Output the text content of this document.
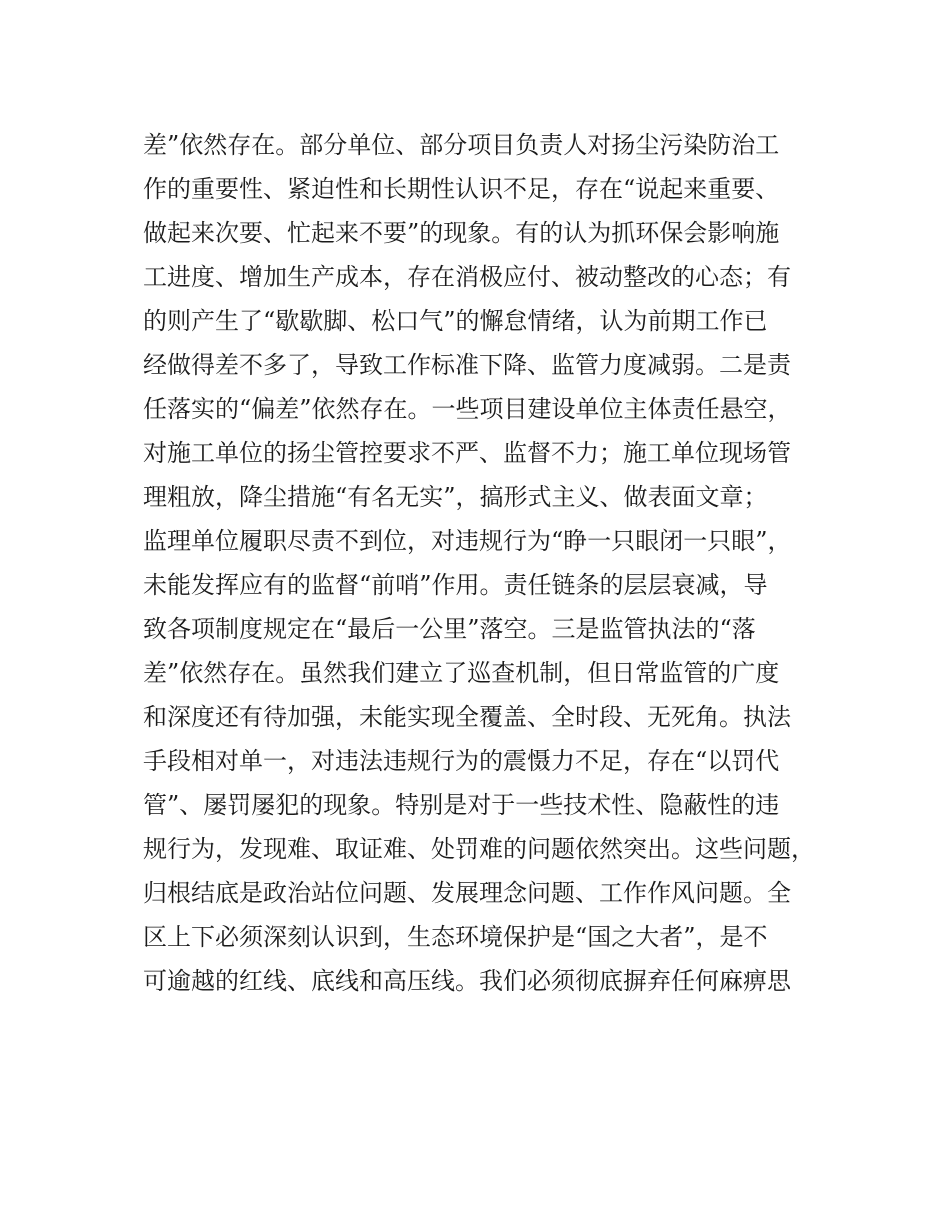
差”依然存在。部分单位、部分项目负责人对扬尘污染防治工
作的重要性、紧迫性和长期性认识不足，存在“说起来重要、
做起来次要、忙起来不要”的现象。有的认为抓环保会影响施
工进度、增加生产成本，存在消极应付、被动整改的心态；有
的则产生了“歇歇脚、松口气”的懈怠情绪，认为前期工作已
经做得差不多了，导致工作标准下降、监管力度减弱。二是责
任落实的“偏差”依然存在。一些项目建设单位主体责任悬空，
对施工单位的扬尘管控要求不严、监督不力；施工单位现场管
理粗放，降尘措施“有名无实”，搞形式主义、做表面文章；
监理单位履职尽责不到位，对违规行为“睁一只眼闭一只眼”，
未能发挥应有的监督“前哨”作用。责任链条的层层衰减，导
致各项制度规定在“最后一公里”落空。三是监管执法的“落
差”依然存在。虽然我们建立了巡查机制，但日常监管的广度
和深度还有待加强，未能实现全覆盖、全时段、无死角。执法
手段相对单一，对违法违规行为的震慑力不足，存在“以罚代
管”、屡罚屡犯的现象。特别是对于一些技术性、隐蔽性的违
规行为，发现难、取证难、处罚难的问题依然突出。这些问题，
归根结底是政治站位问题、发展理念问题、工作作风问题。全
区上下必须深刻认识到，生态环境保护是“国之大者”，是不
可逾越的红线、底线和高压线。我们必须彻底摒弃任何麻痹思
